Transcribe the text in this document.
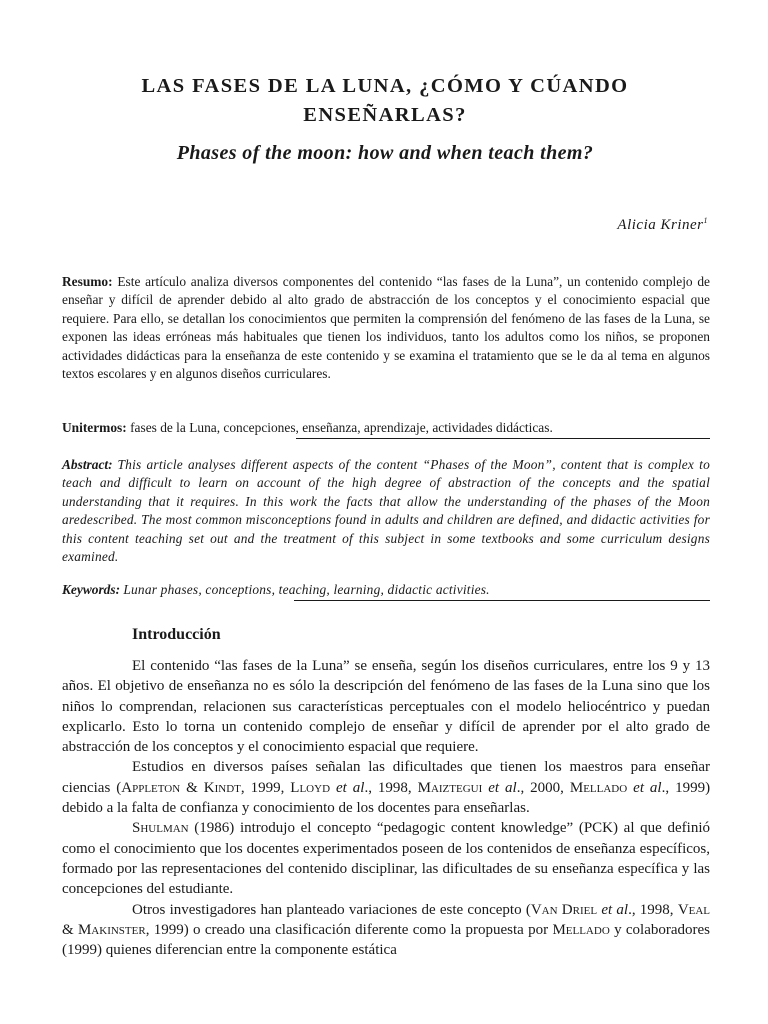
LAS FASES DE LA LUNA, ¿CÓMO Y CÚANDO
ENSEÑARLAS?
Phases of the moon: how and when teach them?
Alicia Kriner$^1$
Resumo: Este artículo analiza diversos componentes del contenido “las fases de la Luna”, un contenido complejo de enseñar y difícil de aprender debido al alto grado de abstracción de los conceptos y el conocimiento espacial que requiere. Para ello, se detallan los conocimientos que permiten la comprensión del fenómeno de las fases de la Luna, se exponen las ideas erróneas más habituales que tienen los individuos, tanto los adultos como los niños, se proponen actividades didácticas para la enseñanza de este contenido y se examina el tratamiento que se le da al tema en algunos textos escolares y en algunos diseños curriculares.
Unitermos: fases de la Luna, concepciones, enseñanza, aprendizaje, actividades didácticas.
Abstract: This article analyses different aspects of the content “Phases of the Moon”, content that is complex to teach and difficult to learn on account of the high degree of abstraction of the concepts and the spatial understanding that it requires. In this work the facts that allow the understanding of the phases of the Moon aredescribed. The most common misconceptions found in adults and children are defined, and didactic activities for this content teaching set out and the treatment of this subject in some textbooks and some curriculum designs examined.
Keywords: Lunar phases, conceptions, teaching, learning, didactic activities.
Introducción

El contenido “las fases de la Luna” se enseña, según los diseños curriculares, entre los 9 y 13 años. El objetivo de enseñanza no es sólo la descripción del fenómeno de las fases de la Luna sino que los niños lo comprendan, relacionen sus características perceptuales con el modelo heliocéntrico y puedan explicarlo. Esto lo torna un contenido complejo de enseñar y difícil de aprender por el alto grado de abstracción de los conceptos y el conocimiento espacial que requiere.

Estudios en diversos países señalan las dificultades que tienen los maestros para enseñar ciencias (Appleton & Kindt, 1999, Lloyd et al., 1998, Maiztegui et al., 2000, Mellado et al., 1999) debido a la falta de confianza y conocimiento de los docentes para enseñarlas.

Shulman (1986) introdujo el concepto “pedagogic content knowledge” (PCK) al que definió como el conocimiento que los docentes experimentados poseen de los contenidos de enseñanza específicos, formado por las representaciones del contenido disciplinar, las dificultades de su enseñanza específica y las concepciones del estudiante.

Otros investigadores han planteado variaciones de este concepto (Van Driel et al., 1998, Veal & Makinster, 1999) o creado una clasificación diferente como la propuesta por Mellado y colaboradores (1999) quienes diferencian entre la componente estática
